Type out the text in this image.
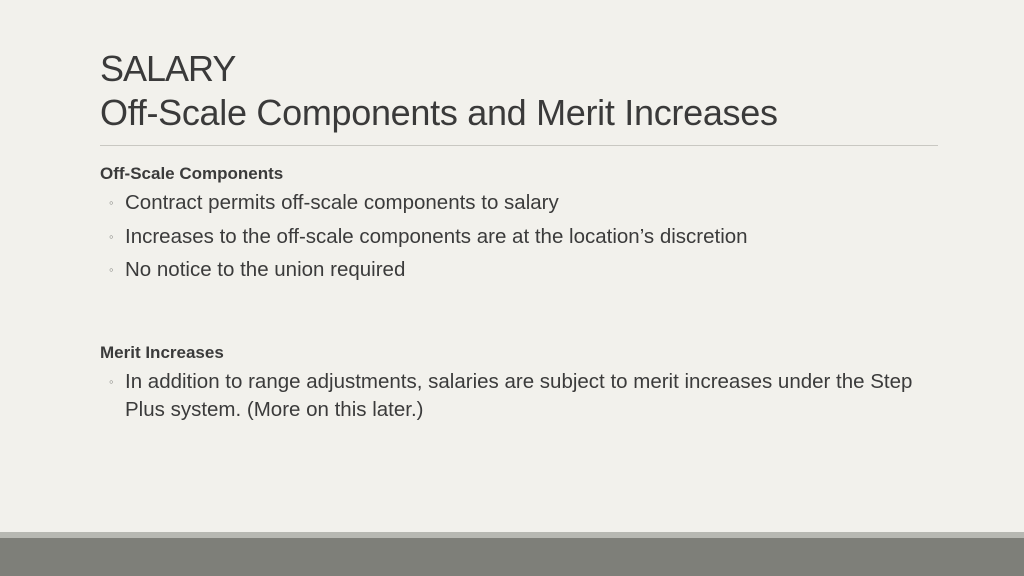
SALARY
Off-Scale Components and Merit Increases
Off-Scale Components
◦ Contract permits off-scale components to salary
◦ Increases to the off-scale components are at the location’s discretion
◦ No notice to the union required
Merit Increases
◦ In addition to range adjustments, salaries are subject to merit increases under the Step Plus system. (More on this later.)
